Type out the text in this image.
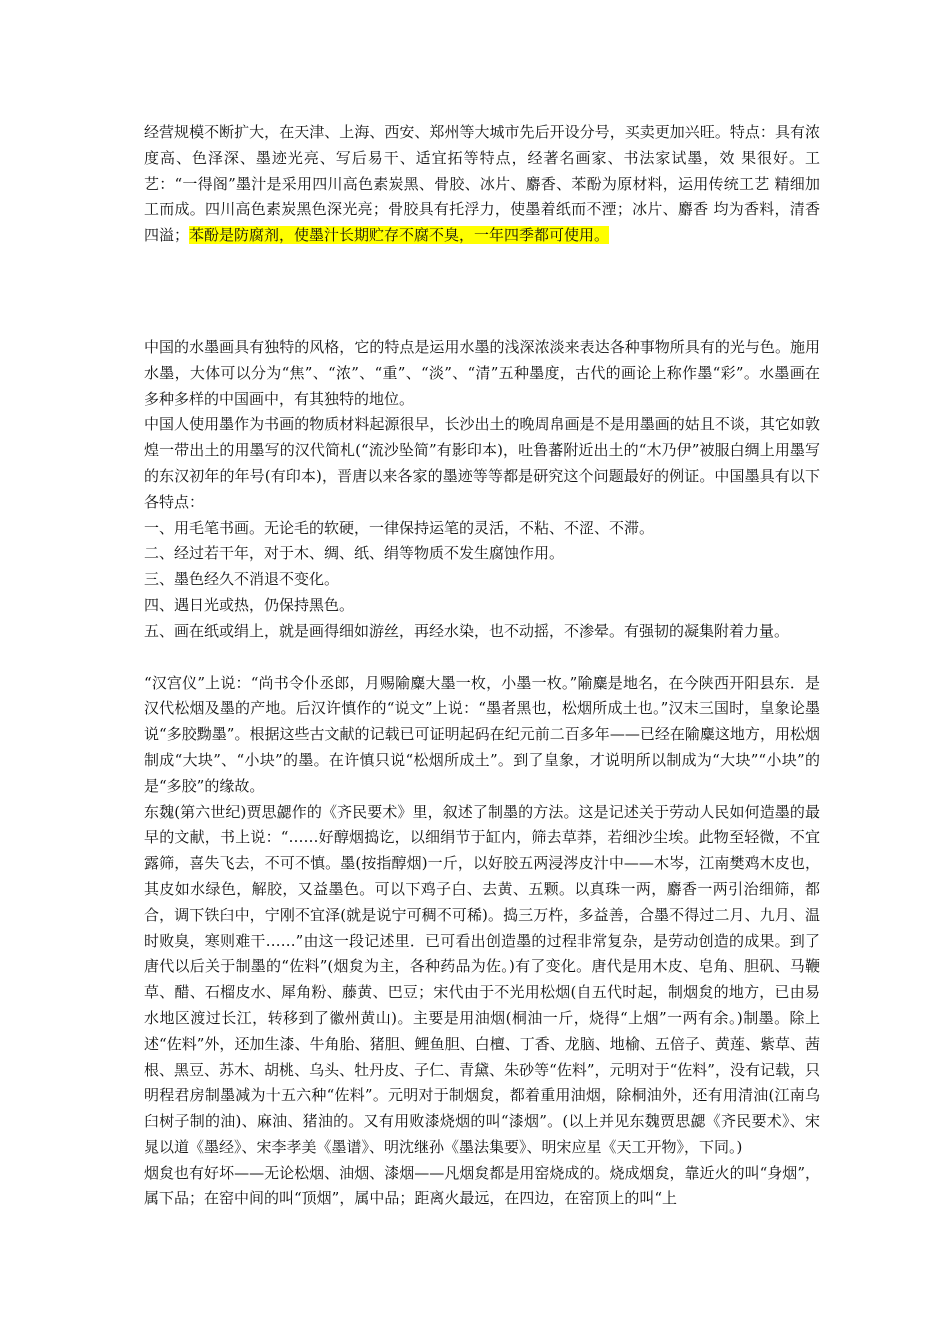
经营规模不断扩大，在天津、上海、西安、郑州等大城市先后开设分号，买卖更加兴旺。特点：具有浓度高、色泽深、墨迹光亮、写后易干、适宜拓等特点，经著名画家、书法家试墨，效 果很好。工艺：“一得阁”墨汁是采用四川高色素炭黑、骨胶、冰片、麝香、苯酚为原材料，运用传统工艺 精细加工而成。四川高色素炭黑色深光亮；骨胶具有托浮力，使墨着纸而不湮；冰片、麝香 均为香料，清香四溢；苯酚是防腐剂，使墨汁长期贮存不腐不臭，一年四季都可使用。

中国的水墨画具有独特的风格，它的特点是运用水墨的浅深浓淡来表达各种事物所具有的光与色。施用水墨，大体可以分为“焦”、“浓”、“重”、“淡”、“清”五种墨度，古代的画论上称作墨“彩”。水墨画在多种多样的中国画中，有其独特的地位。

中国人使用墨作为书画的物质材料起源很早，长沙出土的晚周帛画是不是用墨画的姑且不谈，其它如敦煌一带出土的用墨写的汉代简札(“流沙坠简”有影印本)，吐鲁蕃附近出土的“木乃伊”被服白绸上用墨写的东汉初年的年号(有印本)，晋唐以来各家的墨迹等等都是研究这个问题最好的例证。中国墨具有以下各特点：

一、用毛笔书画。无论毛的软硬，一律保持运笔的灵活，不粘、不涩、不滞。

二、经过若干年，对于木、绸、纸、绢等物质不发生腐蚀作用。

三、墨色经久不消退不变化。

四、遇日光或热，仍保持黑色。

五、画在纸或绢上，就是画得细如游丝，再经水染，也不动摇，不渗晕。有强韧的凝集附着力量。

“汉宫仪”上说：“尚书令仆丞郎，月赐隃麋大墨一枚，小墨一枚。”隃麋是地名，在今陕西开阳县东．是汉代松烟及墨的产地。后汉许慎作的“说文”上说：“墨者黑也，松烟所成土也。”汉末三国时，皇象论墨说“多胶黝墨”。根据这些古文献的记载已可证明起码在纪元前二百多年——已经在隃麋这地方，用松烟制成“大块”、“小块”的墨。在许慎只说“松烟所成土”。到了皇象，才说明所以制成为“大块”“小块”的是“多胶”的缘故。

东魏(第六世纪)贾思勰作的《齐民要术》里，叙述了制墨的方法。这是记述关于劳动人民如何造墨的最早的文献，书上说：“……好醇烟捣讫，以细绢节于缸内，筛去草莽，若细沙尘埃。此物至轻微，不宜露筛，喜失飞去，不可不慎。墨(按指醇烟)一斤，以好胶五两浸涔皮汁中——木岑，江南樊鸡木皮也，其皮如水绿色，解胶，又益墨色。可以下鸡子白、去黄、五颗。以真珠一两，麝香一两引治细筛，都合，调下铁臼中，宁刚不宜泽(就是说宁可稠不可稀)。捣三万杵，多益善，合墨不得过二月、九月、温时败臭，寒则难干……”由这一段记述里．已可看出创造墨的过程非常复杂，是劳动创造的成果。到了唐代以后关于制墨的“佐料”(烟炱为主，各种药品为佐。)有了变化。唐代是用木皮、皂角、胆矾、马鞭草、醋、石榴皮水、犀角粉、藤黄、巴豆；宋代由于不光用松烟(自五代时起，制烟炱的地方，已由易水地区渡过长江，转移到了徽州黄山)。主要是用油烟(桐油一斤，烧得“上烟”一两有余。)制墨。除上述“佐料”外，还加生漆、牛角胎、猪胆、鲤鱼胆、白檀、丁香、龙脑、地榆、五倍子、黄莲、紫草、茜根、黑豆、苏木、胡桃、乌头、牡丹皮、子仁、青黛、朱砂等“佐料”，元明对于“佐料”，没有记载，只明程君房制墨减为十五六种“佐料”。元明对于制烟炱，都着重用油烟，除桐油外，还有用清油(江南乌臼树子制的油)、麻油、猪油的。又有用败漆烧烟的叫“漆烟”。(以上并见东魏贾思勰《齐民要术》、宋晁以道《墨经》、宋李孝美《墨谱》、明沈继孙《墨法集要》、明宋应星《天工开物》，下同。)

烟炱也有好坏——无论松烟、油烟、漆烟——凡烟炱都是用窑烧成的。烧成烟炱，靠近火的叫“身烟”，属下品；在窑中间的叫“顶烟”，属中品；距离火最远，在四边，在窑顶上的叫“上
